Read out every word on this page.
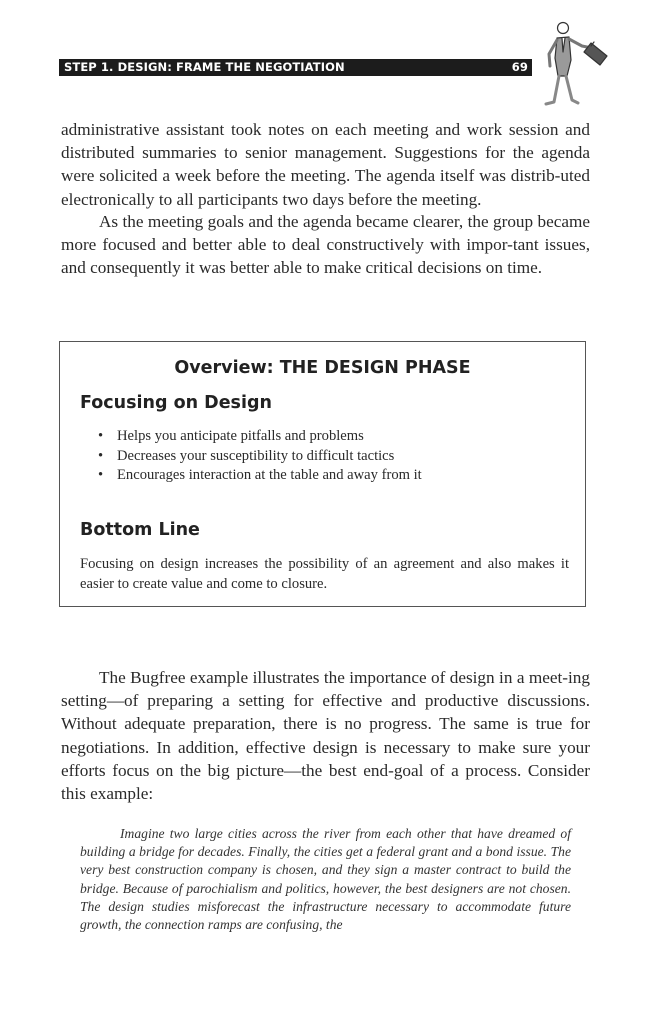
STEP 1. DESIGN: FRAME THE NEGOTIATION	69

administrative assistant took notes on each meeting and work session and distributed summaries to senior management. Suggestions for the agenda were solicited a week before the meeting. The agenda itself was distrib-uted electronically to all participants two days before the meeting.

As the meeting goals and the agenda became clearer, the group became more focused and better able to deal constructively with impor-tant issues, and consequently it was better able to make critical decisions on time.

Overview: THE DESIGN PHASE
Focusing on Design
• Helps you anticipate pitfalls and problems
• Decreases your susceptibility to difficult tactics
• Encourages interaction at the table and away from it
Bottom Line

Focusing on design increases the possibility of an agreement and also makes it easier to create value and come to closure.

The Bugfree example illustrates the importance of design in a meet-ing setting—of preparing a setting for effective and productive discussions. Without adequate preparation, there is no progress. The same is true for negotiations. In addition, effective design is necessary to make sure your efforts focus on the big picture—the best end-goal of a process. Consider this example:

Imagine two large cities across the river from each other that have dreamed of building a bridge for decades. Finally, the cities get a federal grant and a bond issue. The very best construction company is chosen, and they sign a master contract to build the bridge. Because of parochialism and politics, however, the best designers are not chosen. The design studies misforecast the infrastructure necessary to accommodate future growth, the connection ramps are confusing, the
